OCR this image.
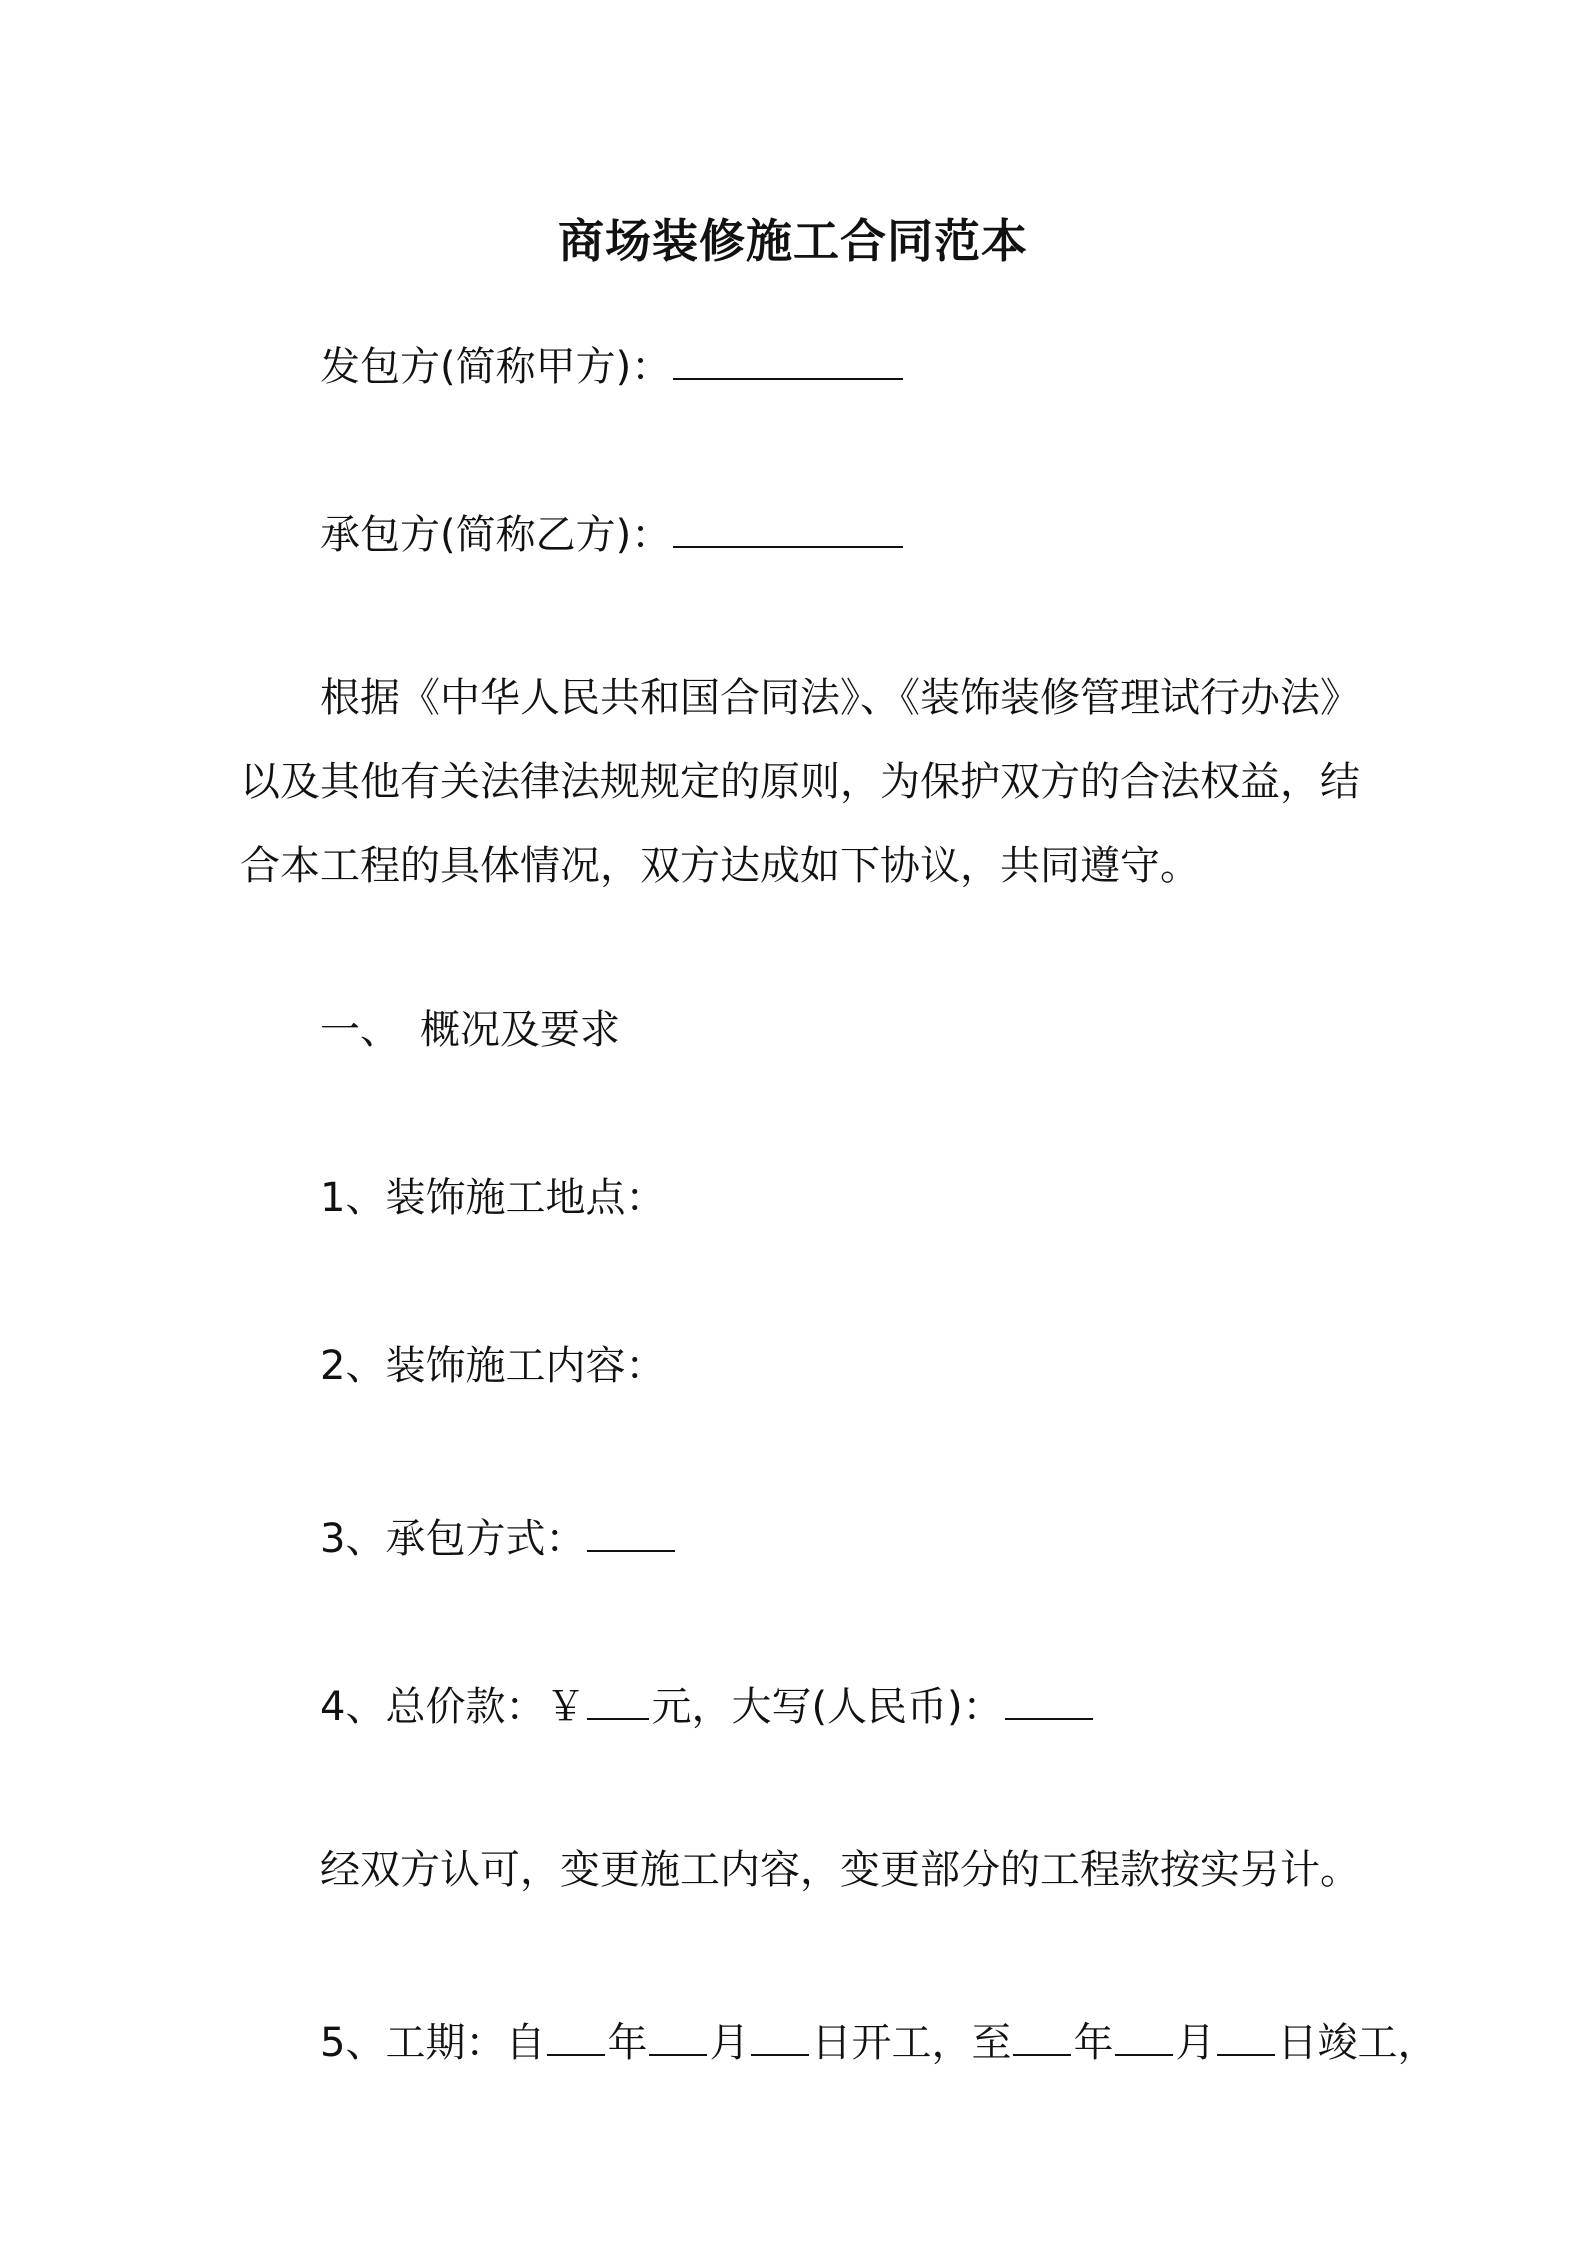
商场装修施工合同范本
发包方(简称甲方)：
承包方(简称乙方)：
根据《中华人民共和国合同法》、《装饰装修管理试行办法》以及其他有关法律法规规定的原则，为保护双方的合法权益，结合本工程的具体情况，双方达成如下协议，共同遵守。
一、　概况及要求
1、装饰施工地点：
2、装饰施工内容：
3、承包方式：
4、总价款：￥ 元，大写(人民币)：
经双方认可，变更施工内容，变更部分的工程款按实另计。
5、工期：自 年 月 日开工，至 年 月 日竣工，
